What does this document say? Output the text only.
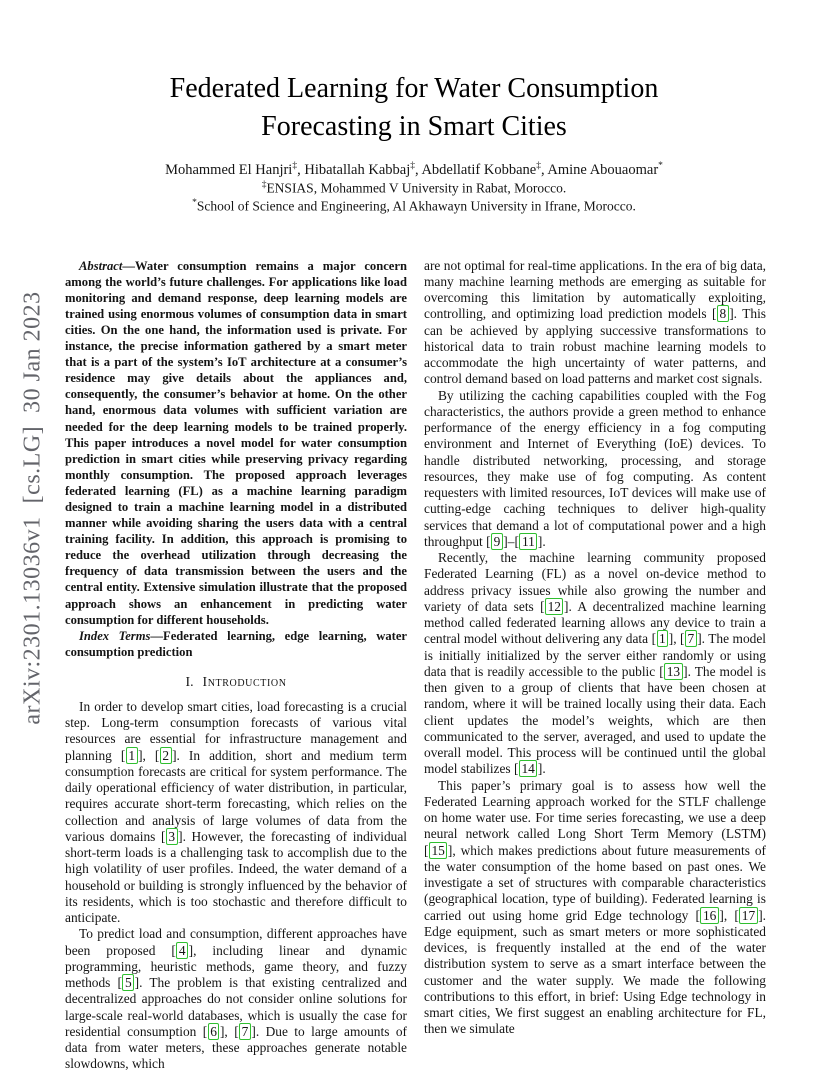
arXiv:2301.13036v1  [cs.LG]  30 Jan 2023
Federated Learning for Water Consumption
Forecasting in Smart Cities
Mohammed El Hanjri‡, Hibatallah Kabbaj‡, Abdellatif Kobbane‡, Amine Abouaomar*
‡ENSIAS, Mohammed V University in Rabat, Morocco.
*School of Science and Engineering, Al Akhawayn University in Ifrane, Morocco.

Abstract—Water consumption remains a major concern among the world’s future challenges. For applications like load monitoring and demand response, deep learning models are trained using enormous volumes of consumption data in smart cities. On the one hand, the information used is private. For instance, the precise information gathered by a smart meter that is a part of the system’s IoT architecture at a consumer’s residence may give details about the appliances and, consequently, the consumer’s behavior at home. On the other hand, enormous data volumes with sufficient variation are needed for the deep learning models to be trained properly. This paper introduces a novel model for water consumption prediction in smart cities while preserving privacy regarding monthly consumption. The proposed approach leverages federated learning (FL) as a machine learning paradigm designed to train a machine learning model in a distributed manner while avoiding sharing the users data with a central training facility. In addition, this approach is promising to reduce the overhead utilization through decreasing the frequency of data transmission between the users and the central entity. Extensive simulation illustrate that the proposed approach shows an enhancement in predicting water consumption for different households.

Index Terms—Federated learning, edge learning, water consumption prediction

I. Introduction

In order to develop smart cities, load forecasting is a crucial step. Long-term consumption forecasts of various vital resources are essential for infrastructure management and planning [ 1 ], [ 2 ]. In addition, short and medium term consumption forecasts are critical for system performance. The daily operational efficiency of water distribution, in particular, requires accurate short-term forecasting, which relies on the collection and analysis of large volumes of data from the various domains [ 3 ]. However, the forecasting of individual short-term loads is a challenging task to accomplish due to the high volatility of user profiles. Indeed, the water demand of a household or building is strongly influenced by the behavior of its residents, which is too stochastic and therefore difficult to anticipate.

To predict load and consumption, different approaches have been proposed [ 4 ], including linear and dynamic programming, heuristic methods, game theory, and fuzzy methods [ 5 ]. The problem is that existing centralized and decentralized approaches do not consider online solutions for large-scale real-world databases, which is usually the case for residential consumption [ 6 ], [ 7 ]. Due to large amounts of data from water meters, these approaches generate notable slowdowns, which

are not optimal for real-time applications. In the era of big data, many machine learning methods are emerging as suitable for overcoming this limitation by automatically exploiting, controlling, and optimizing load prediction models [ 8 ]. This can be achieved by applying successive transformations to historical data to train robust machine learning models to accommodate the high uncertainty of water patterns, and control demand based on load patterns and market cost signals.

By utilizing the caching capabilities coupled with the Fog characteristics, the authors provide a green method to enhance performance of the energy efficiency in a fog computing environment and Internet of Everything (IoE) devices. To handle distributed networking, processing, and storage resources, they make use of fog computing. As content requesters with limited resources, IoT devices will make use of cutting-edge caching techniques to deliver high-quality services that demand a lot of computational power and a high throughput [ 9 ]–[ 11 ].

Recently, the machine learning community proposed Federated Learning (FL) as a novel on-device method to address privacy issues while also growing the number and variety of data sets [ 12 ]. A decentralized machine learning method called federated learning allows any device to train a central model without delivering any data [ 1 ], [ 7 ]. The model is initially initialized by the server either randomly or using data that is readily accessible to the public [ 13 ]. The model is then given to a group of clients that have been chosen at random, where it will be trained locally using their data. Each client updates the model’s weights, which are then communicated to the server, averaged, and used to update the overall model. This process will be continued until the global model stabilizes [ 14 ].

This paper’s primary goal is to assess how well the Federated Learning approach worked for the STLF challenge on home water use. For time series forecasting, we use a deep neural network called Long Short Term Memory (LSTM) [ 15 ], which makes predictions about future measurements of the water consumption of the home based on past ones. We investigate a set of structures with comparable characteristics (geographical location, type of building). Federated learning is carried out using home grid Edge technology [ 16 ], [ 17 ]. Edge equipment, such as smart meters or more sophisticated devices, is frequently installed at the end of the water distribution system to serve as a smart interface between the customer and the water supply. We made the following contributions to this effort, in brief: Using Edge technology in smart cities, We first suggest an enabling architecture for FL, then we simulate
